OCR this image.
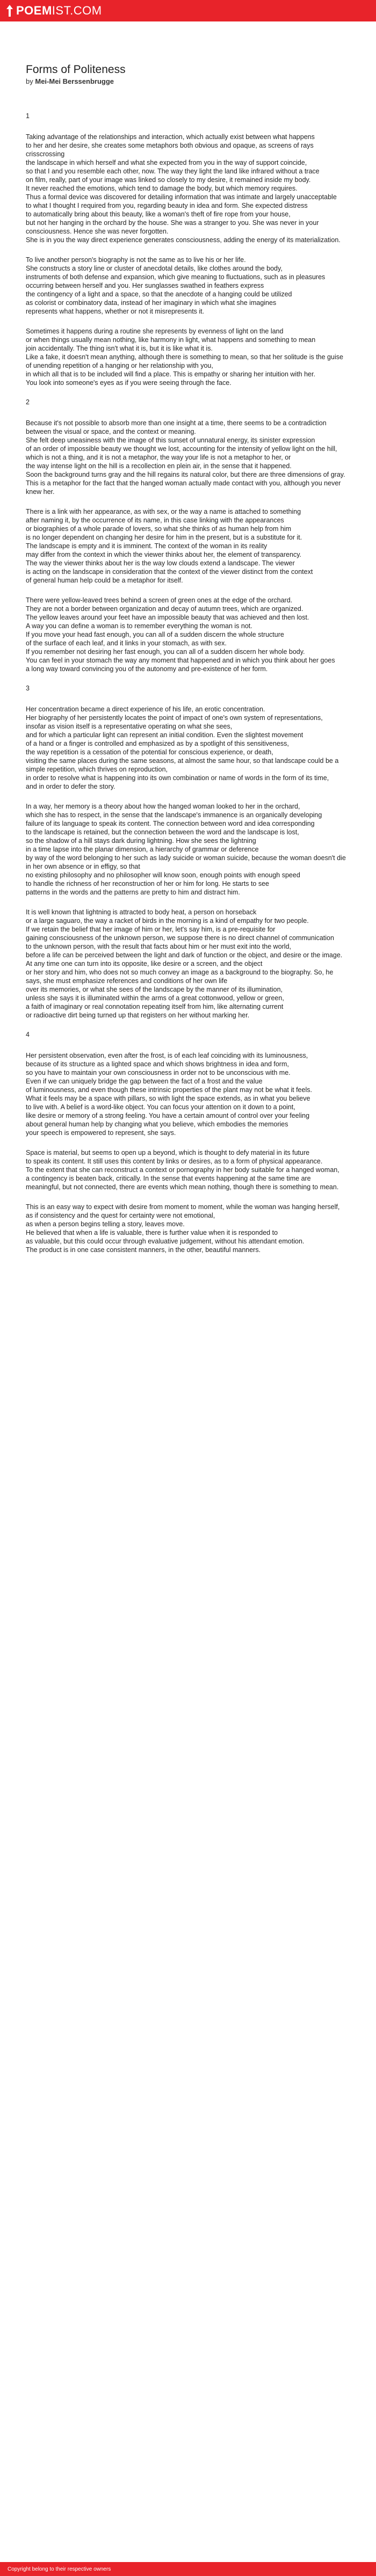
POEM IST.COM
Forms of Politeness
by Mei-Mei Berssenbrugge
1
Taking advantage of the relationships and interaction, which actually exist between what happens
to her and her desire, she creates some metaphors both obvious and opaque, as screens of rays crisscrossing
the landscape in which herself and what she expected from you in the way of support coincide,
so that I and you resemble each other, now. The way they light the land like infrared without a trace
on film, really, part of your image was linked so closely to my desire, it remained inside my body.
It never reached the emotions, which tend to damage the body, but which memory requires.
Thus a formal device was discovered for detailing information that was intimate and largely unacceptable
to what I thought I required from you, regarding beauty in idea and form. She expected distress
to automatically bring about this beauty, like a woman's theft of fire rope from your house,
but not her hanging in the orchard by the house. She was a stranger to you. She was never in your consciousness. Hence she was never forgotten.
She is in you the way direct experience generates consciousness, adding the energy of its materialization.
To live another person's biography is not the same as to live his or her life.
She constructs a story line or cluster of anecdotal details, like clothes around the body,
instruments of both defense and expansion, which give meaning to fluctuations, such as in pleasures
occurring between herself and you. Her sunglasses swathed in feathers express
the contingency of a light and a space, so that the anecdote of a hanging could be utilized
as colorist or combinatory data, instead of her imaginary in which what she imagines
represents what happens, whether or not it misrepresents it.
Sometimes it happens during a routine she represents by evenness of light on the land
or when things usually mean nothing, like harmony in light, what happens and something to mean
join accidentally. The thing isn't what it is, but it is like what it is.
Like a fake, it doesn't mean anything, although there is something to mean, so that her solitude is the guise of unending repetition of a hanging or her relationship with you,
in which all that is to be included will find a place. This is empathy or sharing her intuition with her.
You look into someone's eyes as if you were seeing through the face.
2
Because it's not possible to absorb more than one insight at a time, there seems to be a contradiction between the visual or space, and the context or meaning.
She felt deep uneasiness with the image of this sunset of unnatural energy, its sinister expression
of an order of impossible beauty we thought we lost, accounting for the intensity of yellow light on the hill,
which is not a thing, and it is not a metaphor, the way your life is not a metaphor to her, or
the way intense light on the hill is a recollection en plein air, in the sense that it happened.
Soon the background turns gray and the hill regains its natural color, but there are three dimensions of gray.
This is a metaphor for the fact that the hanged woman actually made contact with you, although you never knew her.
There is a link with her appearance, as with sex, or the way a name is attached to something
after naming it, by the occurrence of its name, in this case linking with the appearances
or biographies of a whole parade of lovers, so what she thinks of as human help from him
is no longer dependent on changing her desire for him in the present, but is a substitute for it.
The landscape is empty and it is imminent. The context of the woman in its reality
may differ from the context in which the viewer thinks about her, the element of transparency.
The way the viewer thinks about her is the way low clouds extend a landscape. The viewer
is acting on the landscape in consideration that the context of the viewer distinct from the context
of general human help could be a metaphor for itself.
There were yellow-leaved trees behind a screen of green ones at the edge of the orchard.
They are not a border between organization and decay of autumn trees, which are organized.
The yellow leaves around your feet have an impossible beauty that was achieved and then lost.
A way you can define a woman is to remember everything the woman is not.
If you move your head fast enough, you can all of a sudden discern the whole structure
of the surface of each leaf, and it links in your stomach, as with sex.
If you remember not desiring her fast enough, you can all of a sudden discern her whole body.
You can feel in your stomach the way any moment that happened and in which you think about her goes
a long way toward convincing you of the autonomy and pre-existence of her form.
3
Her concentration became a direct experience of his life, an erotic concentration.
Her biography of her persistently locates the point of impact of one's own system of representations,
insofar as vision itself is a representative operating on what she sees,
and for which a particular light can represent an initial condition. Even the slightest movement
of a hand or a finger is controlled and emphasized as by a spotlight of this sensitiveness,
the way repetition is a cessation of the potential for conscious experience, or death,
visiting the same places during the same seasons, at almost the same hour, so that landscape could be a simple repetition, which thrives on reproduction,
in order to resolve what is happening into its own combination or name of words in the form of its time,
and in order to defer the story.
In a way, her memory is a theory about how the hanged woman looked to her in the orchard,
which she has to respect, in the sense that the landscape's immanence is an organically developing
failure of its language to speak its content. The connection between word and idea corresponding
to the landscape is retained, but the connection between the word and the landscape is lost,
so the shadow of a hill stays dark during lightning. How she sees the lightning
in a time lapse into the planar dimension, a hierarchy of grammar or deference
by way of the word belonging to her such as lady suicide or woman suicide, because the woman doesn't die in her own absence or in effigy, so that
no existing philosophy and no philosopher will know soon, enough points with enough speed
to handle the richness of her reconstruction of her or him for long. He starts to see
patterns in the words and the patterns are pretty to him and distract him.
It is well known that lightning is attracted to body heat, a person on horseback
or a large saguaro, the way a racket of birds in the morning is a kind of empathy for two people.
If we retain the belief that her image of him or her, let's say him, is a pre-requisite for
gaining consciousness of the unknown person, we suppose there is no direct channel of communication
to the unknown person, with the result that facts about him or her must exit into the world,
before a life can be perceived between the light and dark of function or the object, and desire or the image.
At any time one can turn into its opposite, like desire or a screen, and the object
or her story and him, who does not so much convey an image as a background to the biography. So, he says, she must emphasize references and conditions of her own life
over its memories, or what she sees of the landscape by the manner of its illumination,
unless she says it is illuminated within the arms of a great cottonwood, yellow or green,
a faith of imaginary or real connotation repeating itself from him, like alternating current
or radioactive dirt being turned up that registers on her without marking her.
4
Her persistent observation, even after the frost, is of each leaf coinciding with its luminousness,
because of its structure as a lighted space and which shows brightness in idea and form,
so you have to maintain your own consciousness in order not to be unconscious with me.
Even if we can uniquely bridge the gap between the fact of a frost and the value
of luminousness, and even though these intrinsic properties of the plant may not be what it feels.
What it feels may be a space with pillars, so with light the space extends, as in what you believe
to live with. A belief is a word-like object. You can focus your attention on it down to a point,
like desire or memory of a strong feeling. You have a certain amount of control over your feeling
about general human help by changing what you believe, which embodies the memories
your speech is empowered to represent, she says.
Space is material, but seems to open up a beyond, which is thought to defy material in its future
to speak its content. It still uses this content by links or desires, as to a form of physical appearance.
To the extent that she can reconstruct a context or pornography in her body suitable for a hanged woman,
a contingency is beaten back, critically. In the sense that events happening at the same time are
meaningful, but not connected, there are events which mean nothing, though there is something to mean.
This is an easy way to expect with desire from moment to moment, while the woman was hanging herself,
as if consistency and the quest for certainty were not emotional,
as when a person begins telling a story, leaves move.
He believed that when a life is valuable, there is further value when it is responded to
as valuable, but this could occur through evaluative judgement, without his attendant emotion.
The product is in one case consistent manners, in the other, beautiful manners.
Copyright belong to their respective owners
